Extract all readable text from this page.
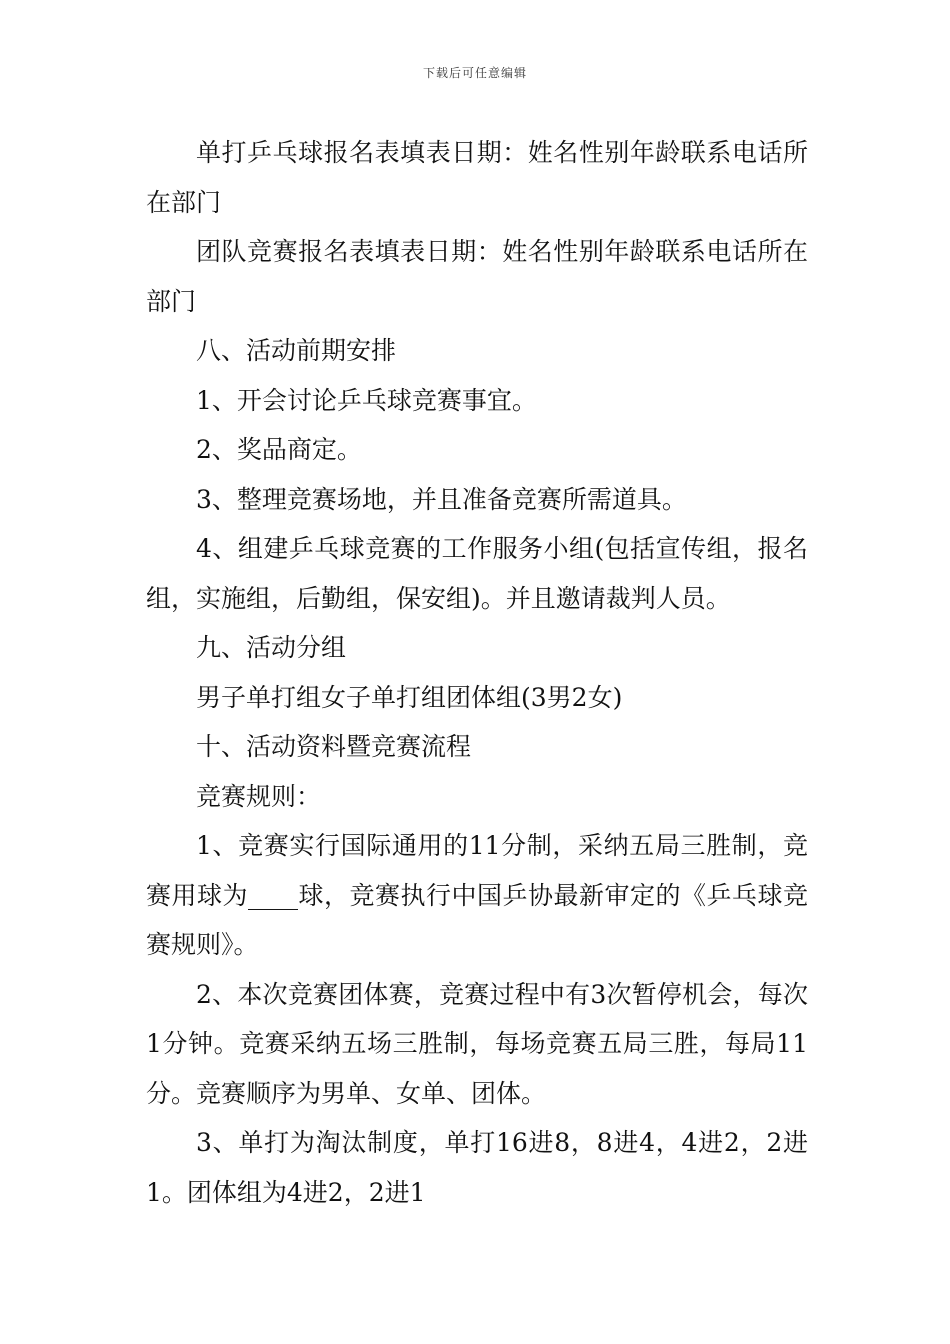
下载后可任意编辑

单打乒乓球报名表填表日期：姓名性别年龄联系电话所在部门

团队竞赛报名表填表日期：姓名性别年龄联系电话所在部门

八、活动前期安排

1、开会讨论乒乓球竞赛事宜。

2、奖品商定。

3、整理竞赛场地，并且准备竞赛所需道具。

4、组建乒乓球竞赛的工作服务小组(包括宣传组，报名组，实施组，后勤组，保安组)。并且邀请裁判人员。

九、活动分组

男子单打组女子单打组团体组(3男2女)

十、活动资料暨竞赛流程

竞赛规则：

1、竞赛实行国际通用的11分制，采纳五局三胜制，竞赛用球为____球，竞赛执行中国乒协最新审定的《乒乓球竞赛规则》。

2、本次竞赛团体赛，竞赛过程中有3次暂停机会，每次1分钟。竞赛采纳五场三胜制，每场竞赛五局三胜，每局11分。竞赛顺序为男单、女单、团体。

3、单打为淘汰制度，单打16进8，8进4，4进2，2进1。团体组为4进2，2进1
